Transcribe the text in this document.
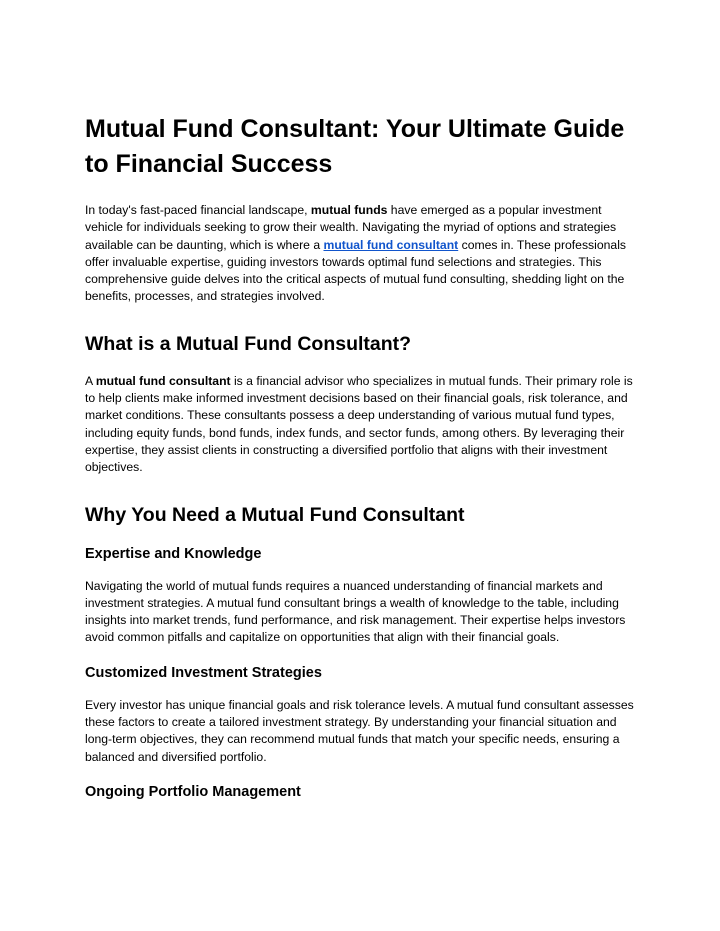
Mutual Fund Consultant: Your Ultimate Guide to Financial Success

In today's fast-paced financial landscape, mutual funds have emerged as a popular investment vehicle for individuals seeking to grow their wealth. Navigating the myriad of options and strategies available can be daunting, which is where a mutual fund consultant comes in. These professionals offer invaluable expertise, guiding investors towards optimal fund selections and strategies. This comprehensive guide delves into the critical aspects of mutual fund consulting, shedding light on the benefits, processes, and strategies involved.

What is a Mutual Fund Consultant?

A mutual fund consultant is a financial advisor who specializes in mutual funds. Their primary role is to help clients make informed investment decisions based on their financial goals, risk tolerance, and market conditions. These consultants possess a deep understanding of various mutual fund types, including equity funds, bond funds, index funds, and sector funds, among others. By leveraging their expertise, they assist clients in constructing a diversified portfolio that aligns with their investment objectives.

Why You Need a Mutual Fund Consultant
Expertise and Knowledge

Navigating the world of mutual funds requires a nuanced understanding of financial markets and investment strategies. A mutual fund consultant brings a wealth of knowledge to the table, including insights into market trends, fund performance, and risk management. Their expertise helps investors avoid common pitfalls and capitalize on opportunities that align with their financial goals.

Customized Investment Strategies

Every investor has unique financial goals and risk tolerance levels. A mutual fund consultant assesses these factors to create a tailored investment strategy. By understanding your financial situation and long-term objectives, they can recommend mutual funds that match your specific needs, ensuring a balanced and diversified portfolio.

Ongoing Portfolio Management
